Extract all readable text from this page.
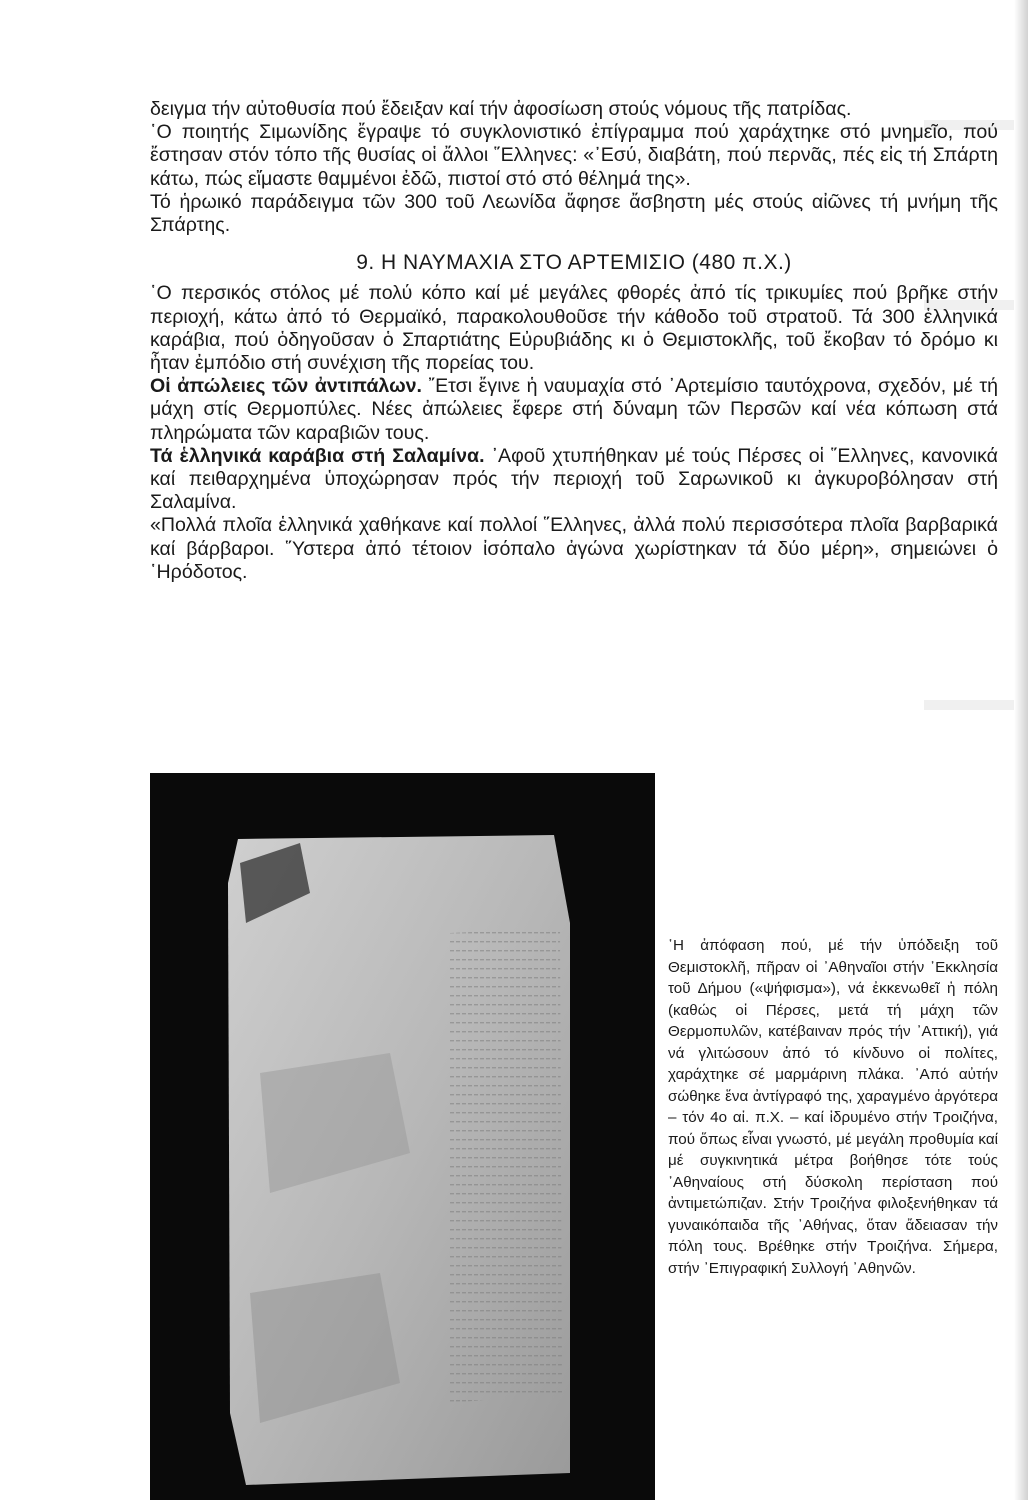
δειγμα τήν αὐτοθυσία πού ἔδειξαν καί τήν ἀφοσίωση στούς νόμους τῆς πατρίδας.

῾Ο ποιητής Σιμωνίδης ἔγραψε τό συγκλονιστικό ἐπίγραμμα πού χαράχτηκε στό μνημεῖο, πού ἔστησαν στόν τόπο τῆς θυσίας οἱ ἄλλοι ῞Ελληνες: «᾿Εσύ, διαβάτη, πού περνᾶς, πές εἰς τή Σπάρτη κάτω, πώς εἴμαστε θαμμένοι ἐδῶ, πιστοί στό στό θέλημά της».

Τό ἡρωικό παράδειγμα τῶν 300 τοῦ Λεωνίδα ἄφησε ἄσβηστη μές στούς αἰῶνες τή μνήμη τῆς Σπάρτης.

9. Η ΝΑΥΜΑΧΙΑ ΣΤΟ ΑΡΤΕΜΙΣΙΟ (480 π.Χ.)

῾Ο περσικός στόλος μέ πολύ κόπο καί μέ μεγάλες φθορές ἀπό τίς τρικυμίες πού βρῆκε στήν περιοχή, κάτω ἀπό τό Θερμαϊκό, παρακολουθοῦσε τήν κάθοδο τοῦ στρατοῦ. Τά 300 ἑλληνικά καράβια, πού ὁδηγοῦσαν ὁ Σπαρτιάτης Εὐρυβιάδης κι ὁ Θεμιστοκλῆς, τοῦ ἔκοβαν τό δρόμο κι ἦταν ἐμπόδιο στή συνέχιση τῆς πορείας του.

Οἱ ἀπώλειες τῶν ἀντιπάλων. ῎Ετσι ἔγινε ἡ ναυμαχία στό ᾿Αρτεμίσιο ταυτόχρονα, σχεδόν, μέ τή μάχη στίς Θερμοπύλες. Νέες ἀπώλειες ἔφερε στή δύναμη τῶν Περσῶν καί νέα κόπωση στά πληρώματα τῶν καραβιῶν τους.

Τά ἑλληνικά καράβια στή Σαλαμίνα. ᾿Αφοῦ χτυπήθηκαν μέ τούς Πέρσες οἱ ῞Ελληνες, κανονικά καί πειθαρχημένα ὑποχώρησαν πρός τήν περιοχή τοῦ Σαρωνικοῦ κι ἀγκυροβόλησαν στή Σαλαμίνα.

«Πολλά πλοῖα ἑλληνικά χαθήκανε καί πολλοί ῞Ελληνες, ἀλλά πολύ περισσότερα πλοῖα βαρβαρικά καί βάρβαροι. ῞Υστερα ἀπό τέτοιον ἰσόπαλο ἀγώνα χωρίστηκαν τά δύο μέρη», σημειώνει ὁ ῾Ηρόδοτος.

῾Η ἀπόφαση πού, μέ τήν ὑπόδειξη τοῦ Θεμιστοκλῆ, πῆραν οἱ ᾿Αθηναῖοι στήν ᾿Εκκλησία τοῦ Δήμου («ψήφισμα»), νά ἐκκενωθεῖ ἡ πόλη (καθώς οἱ Πέρσες, μετά τή μάχη τῶν Θερμοπυλῶν, κατέβαιναν πρός τήν ᾿Αττική), γιά νά γλιτώσουν ἀπό τό κίνδυνο οἱ πολίτες, χαράχτηκε σέ μαρμάρινη πλάκα. ᾿Από αὐτήν σώθηκε ἕνα ἀντίγραφό της, χαραγμένο ἀργότερα – τόν 4ο αἰ. π.Χ. – καί ἱδρυμένο στήν Τροιζήνα, πού ὅπως εἶναι γνωστό, μέ μεγάλη προθυμία καί μέ συγκινητικά μέτρα βοήθησε τότε τούς ᾿Αθηναίους στή δύσκολη περίσταση πού ἀντιμετώπιζαν. Στήν Τροιζήνα φιλοξενήθηκαν τά γυναικόπαιδα τῆς ᾿Αθήνας, ὅταν ἄδειασαν τήν πόλη τους. Βρέθηκε στήν Τροιζήνα. Σήμερα, στήν ᾿Επιγραφική Συλλογή ᾿Αθηνῶν.
